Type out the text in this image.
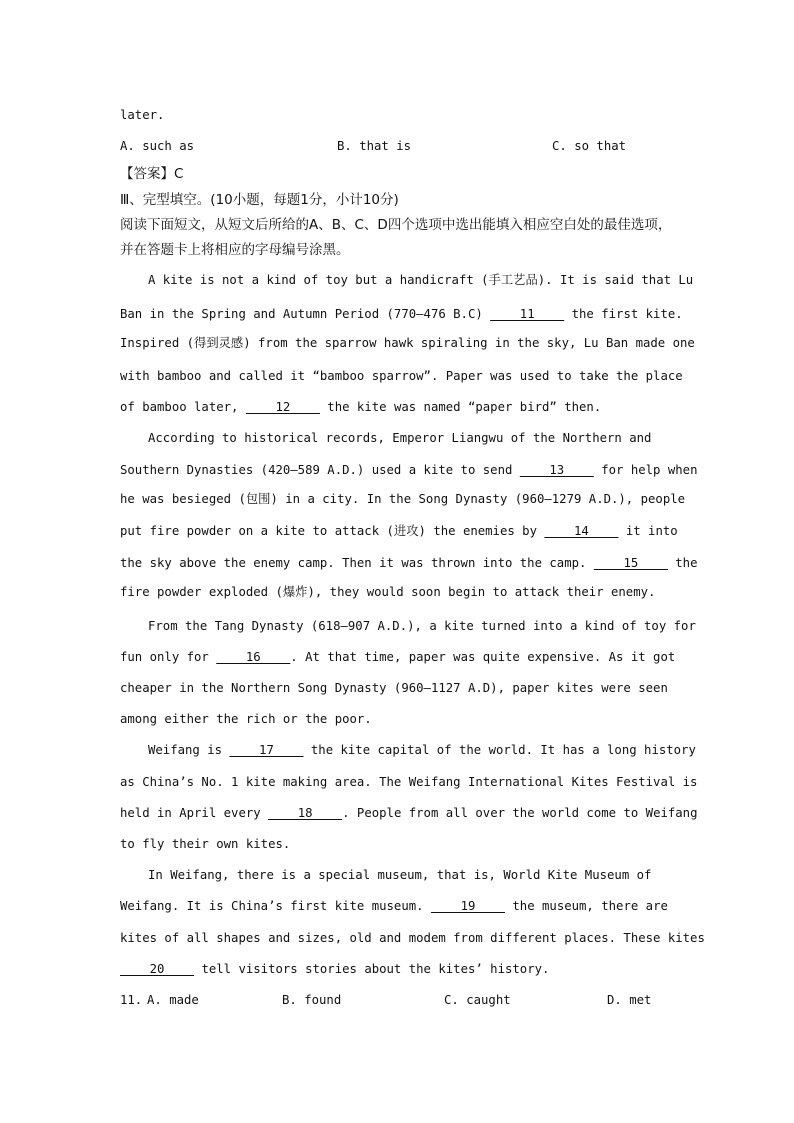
later.
A. such as	B. that is	C. so that
【答案】C
Ⅲ、完型填空。(10小题，每题1分，小计10分)
阅读下面短文，从短文后所给的A、B、C、D四个选项中选出能填入相应空白处的最佳选项，
并在答题卡上将相应的字母编号涂黑。
A kite is not a kind of toy but a handicraft (手工艺品). It is said that Lu
Ban in the Spring and Autumn Period (770—476 B.C)     11     the first kite.
Inspired (得到灵感) from the sparrow hawk spiraling in the sky, Lu Ban made one
with bamboo and called it “bamboo sparrow”. Paper was used to take the place
of bamboo later,     12     the kite was named “paper bird” then.
According to historical records, Emperor Liangwu of the Northern and
Southern Dynasties (420—589 A.D.) used a kite to send     13     for help when
he was besieged (包围) in a city. In the Song Dynasty (960—1279 A.D.), people
put fire powder on a kite to attack (进攻) the enemies by     14     it into
the sky above the enemy camp. Then it was thrown into the camp.     15     the
fire powder exploded (爆炸), they would soon begin to attack their enemy.
From the Tang Dynasty (618—907 A.D.), a kite turned into a kind of toy for
fun only for     16    . At that time, paper was quite expensive. As it got
cheaper in the Northern Song Dynasty (960—1127 A.D), paper kites were seen
among either the rich or the poor.
Weifang is     17     the kite capital of the world. It has a long history
as China’s No. 1 kite making area. The Weifang International Kites Festival is
held in April every     18    . People from all over the world come to Weifang
to fly their own kites.
In Weifang, there is a special museum, that is, World Kite Museum of
Weifang. It is China’s first kite museum.     19     the museum, there are
kites of all shapes and sizes, old and modem from different places. These kites
20     tell visitors stories about the kites’ history.
11. A. made	B. found	C. caught	D. met
